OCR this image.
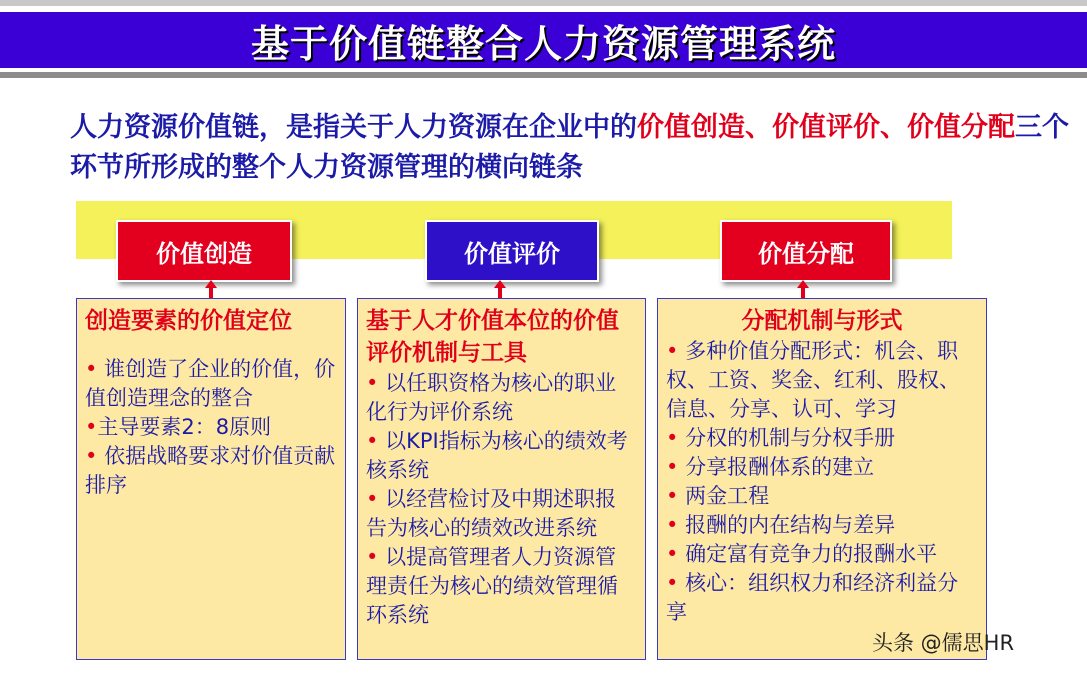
基于价值链整合人力资源管理系统
人力资源价值链，是指关于人力资源在企业中的价值创造、价值评价、价值分配三个环节所形成的整个人力资源管理的横向链条
价值创造	价值评价	价值分配
创造要素的价值定位
• 谁创造了企业的价值，价值创造理念的整合
•主导要素2：8原则
• 依据战略要求对价值贡献排序
基于人才价值本位的价值评价机制与工具
• 以任职资格为核心的职业化行为评价系统
• 以KPI指标为核心的绩效考核系统
• 以经营检讨及中期述职报告为核心的绩效改进系统
• 以提高管理者人力资源管理责任为核心的绩效管理循环系统
分配机制与形式
• 多种价值分配形式：机会、职权、工资、奖金、红利、股权、信息、分享、认可、学习
• 分权的机制与分权手册
• 分享报酬体系的建立
• 两金工程
• 报酬的内在结构与差异
• 确定富有竞争力的报酬水平
• 核心：组织权力和经济利益分享
头条 @儒思HR
